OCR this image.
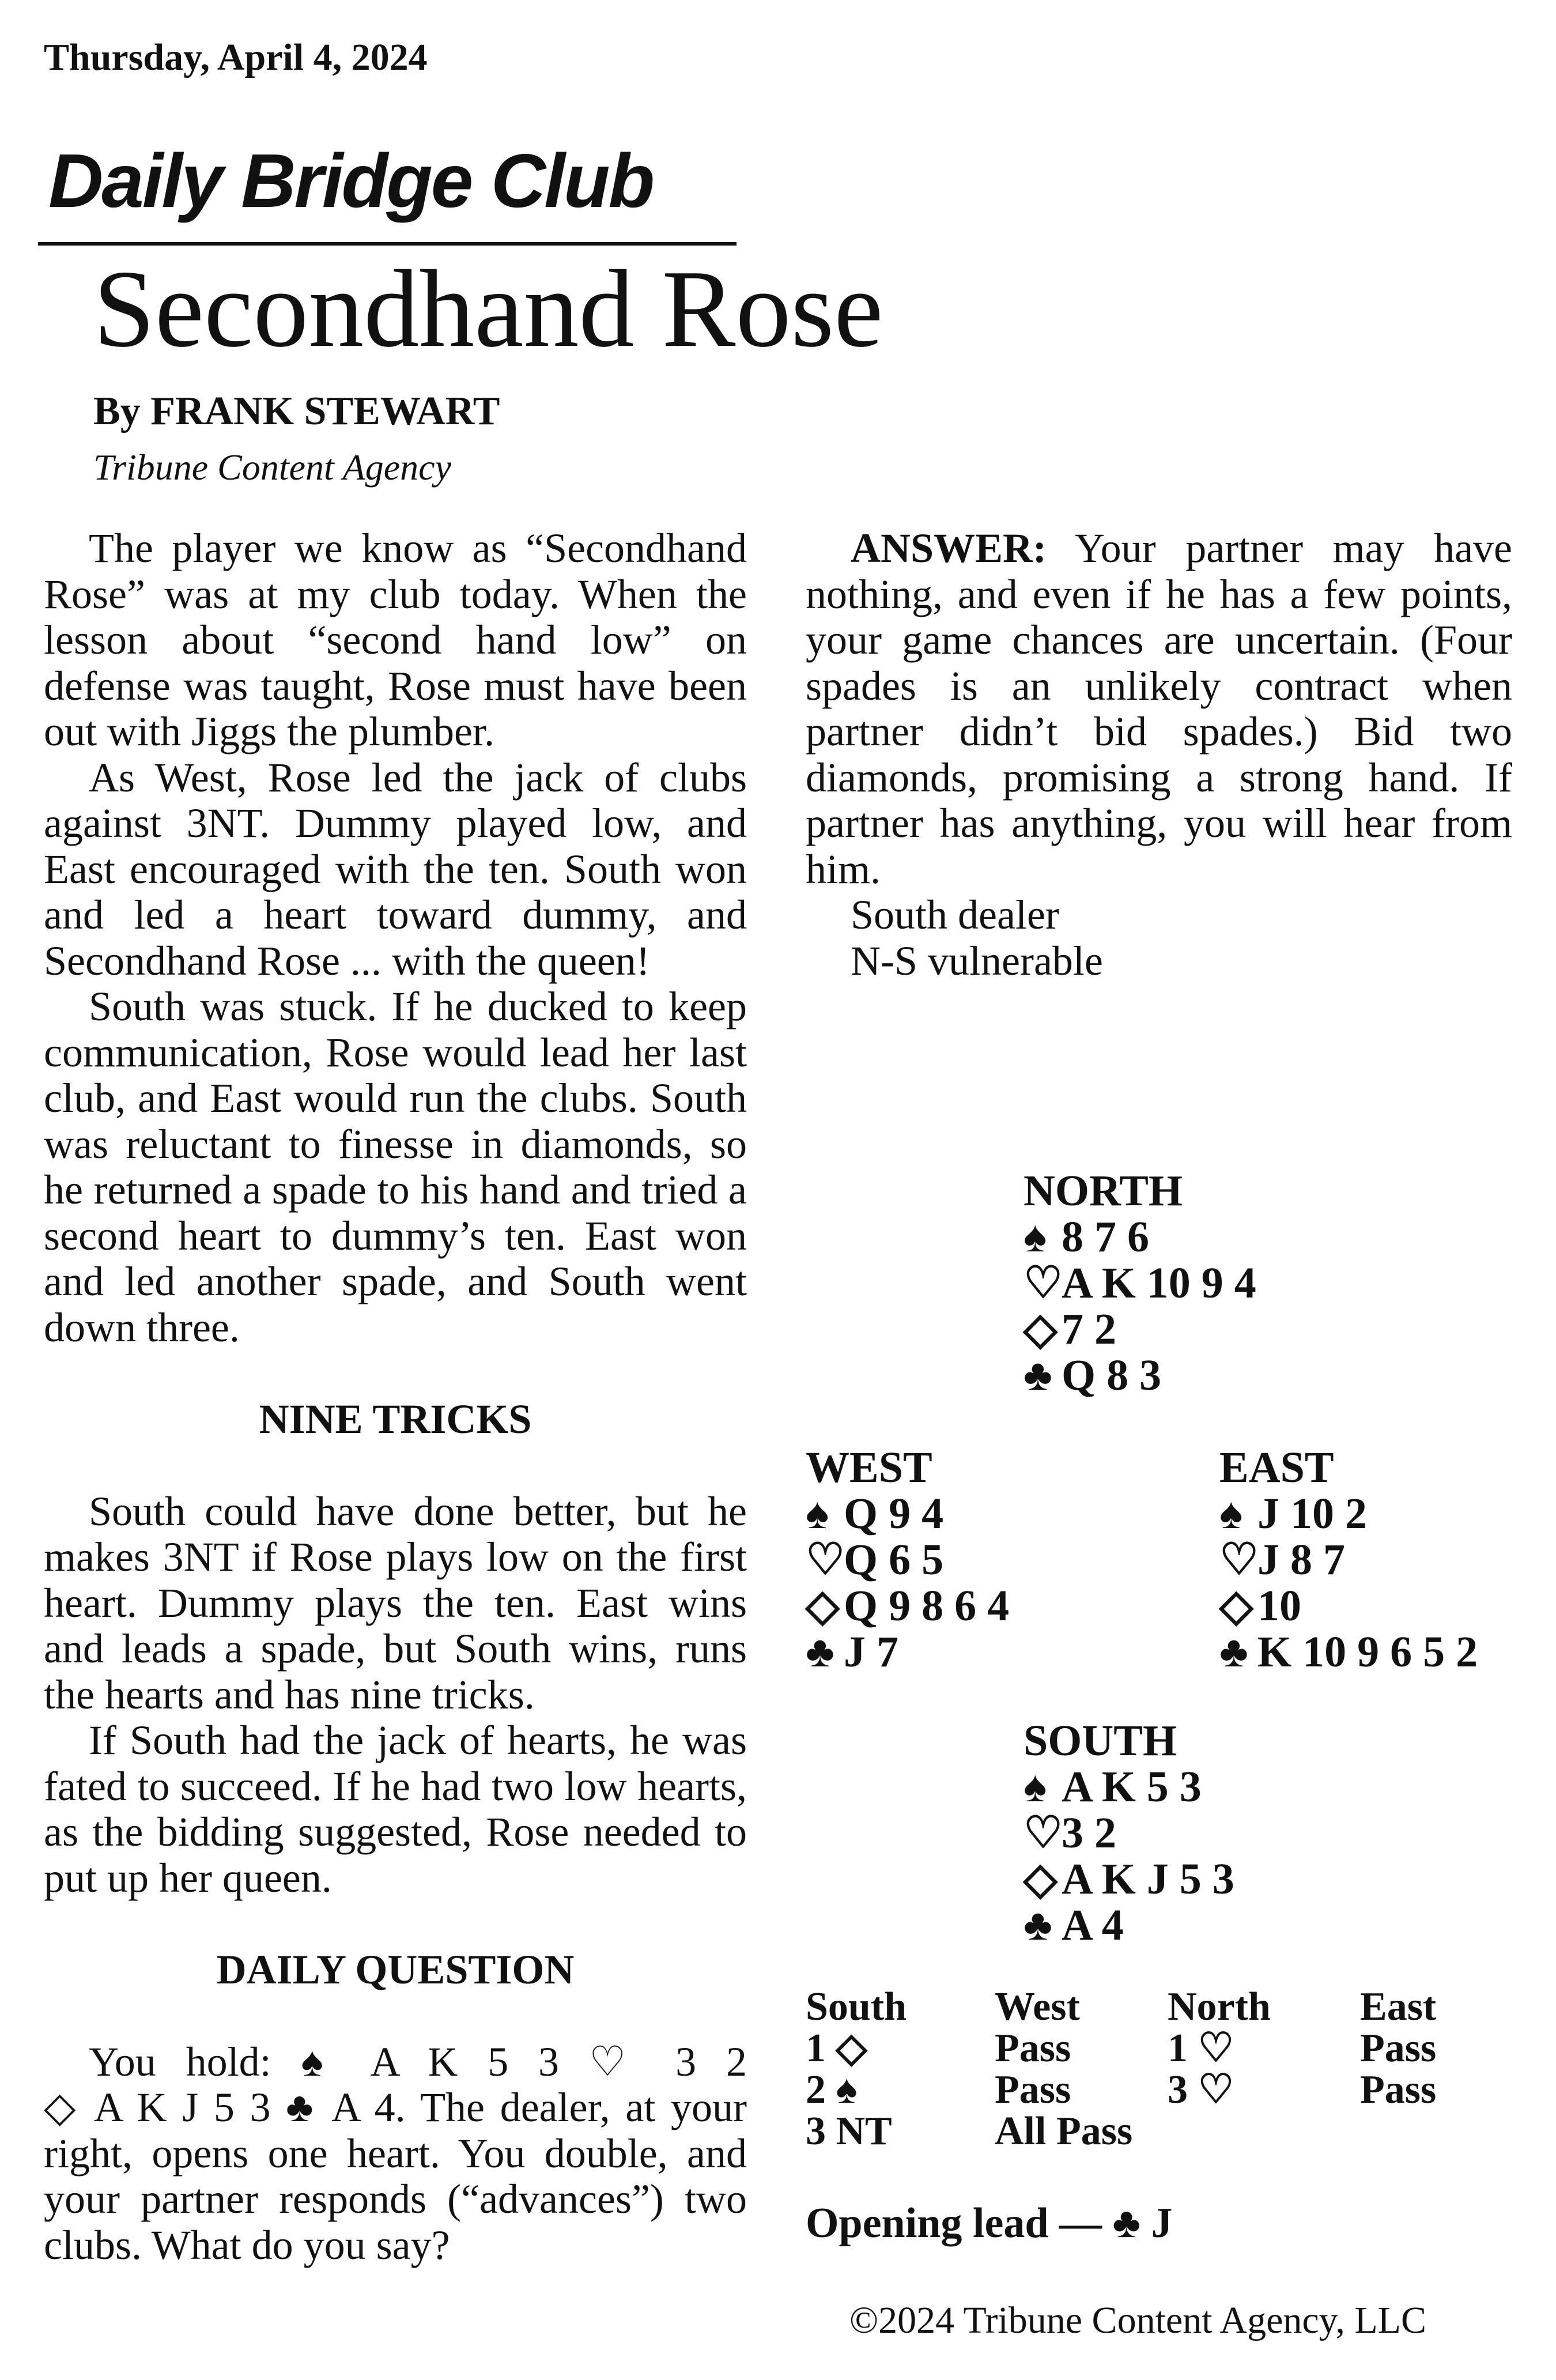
Thursday, April 4, 2024
Daily Bridge Club
Secondhand Rose
By FRANK STEWART
Tribune Content Agency

The player we know as “Secondhand Rose” was at my club today. When the lesson about “second hand low” on defense was taught, Rose must have been out with Jiggs the plumber.

As West, Rose led the jack of clubs against 3NT. Dummy played low, and East encouraged with the ten. South won and led a heart toward dummy, and Secondhand Rose ... with the queen!

South was stuck. If he ducked to keep communication, Rose would lead her last club, and East would run the clubs. South was reluctant to finesse in diamonds, so he returned a spade to his hand and tried a second heart to dummy’s ten. East won and led another spade, and South went down three.

NINE TRICKS

South could have done better, but he makes 3NT if Rose plays low on the first heart. Dummy plays the ten. East wins and leads a spade, but South wins, runs the hearts and has nine tricks.

If South had the jack of hearts, he was fated to succeed. If he had two low hearts, as the bidding suggested, Rose needed to put up her queen.

DAILY QUESTION

You hold: ♠ A K 5 3 ♡ 3 2

◇ A K J 5 3 ♣ A 4. The dealer, at your right, opens one heart. You double, and your partner responds (“advances”) two clubs. What do you say?

ANSWER: Your partner may have nothing, and even if he has a few points, your game chances are uncertain. (Four spades is an unlikely contract when partner didn’t bid spades.) Bid two diamonds, promising a strong hand. If partner has anything, you will hear from him.

South dealer

N-S vulnerable

NORTH
♠ 8 7 6
♡A K 10 9 4
◇7 2
♣ Q 8 3
WEST
♠ Q 9 4
♡Q 6 5
◇Q 9 8 6 4
♣ J 7
EAST
♠ J 10 2
♡J 8 7
◇10
♣ K 10 9 6 5 2
SOUTH
♠ A K 5 3
♡3 2
◇A K J 5 3
♣ A 4
South	West	North	East
1 ◇	Pass	1 ♡	Pass
2 ♠	Pass	3 ♡	Pass
3 NT	All Pass
Opening lead — ♣ J
©2024 Tribune Content Agency, LLC
